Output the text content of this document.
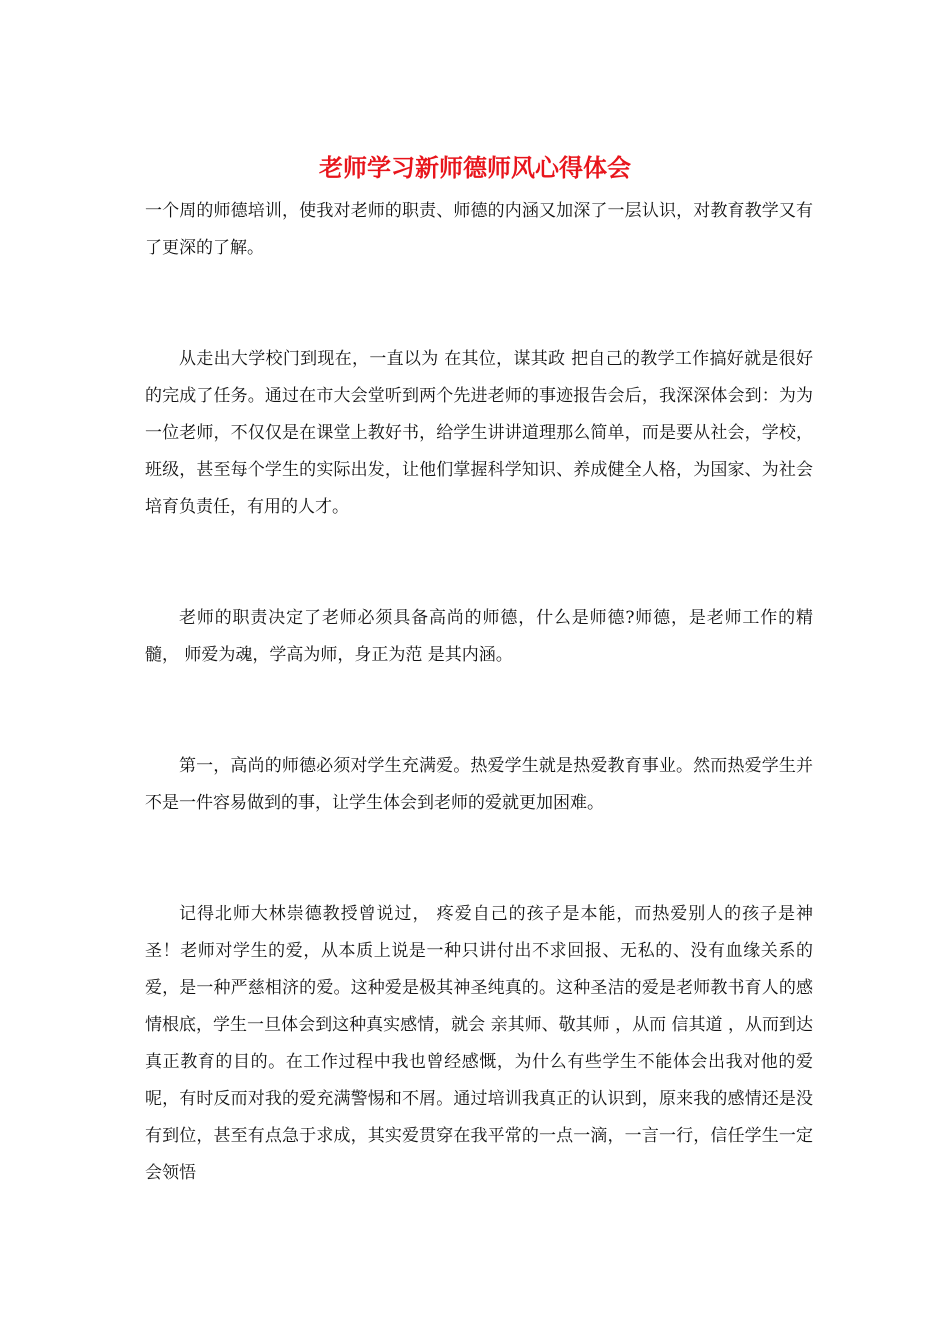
老师学习新师德师风心得体会

一个周的师德培训，使我对老师的职责、师德的内涵又加深了一层认识，对教育教学又有了更深的了解。

从走出大学校门到现在，一直以为 在其位，谋其政 把自己的教学工作搞好就是很好的完成了任务。通过在市大会堂听到两个先进老师的事迹报告会后，我深深体会到：为为一位老师，不仅仅是在课堂上教好书，给学生讲讲道理那么简单，而是要从社会，学校，班级，甚至每个学生的实际出发，让他们掌握科学知识、养成健全人格，为国家、为社会培育负责任，有用的人才。

老师的职责决定了老师必须具备高尚的师德，什么是师德?师德，是老师工作的精髓， 师爱为魂，学高为师，身正为范 是其内涵。

第一，高尚的师德必须对学生充满爱。热爱学生就是热爱教育事业。然而热爱学生并不是一件容易做到的事，让学生体会到老师的爱就更加困难。

记得北师大林崇德教授曾说过， 疼爱自己的孩子是本能，而热爱别人的孩子是神圣！老师对学生的爱，从本质上说是一种只讲付出不求回报、无私的、没有血缘关系的爱，是一种严慈相济的爱。这种爱是极其神圣纯真的。这种圣洁的爱是老师教书育人的感情根底，学生一旦体会到这种真实感情，就会 亲其师、敬其师 ，从而 信其道 ，从而到达真正教育的目的。在工作过程中我也曾经感慨，为什么有些学生不能体会出我对他的爱呢，有时反而对我的爱充满警惕和不屑。通过培训我真正的认识到，原来我的感情还是没有到位，甚至有点急于求成，其实爱贯穿在我平常的一点一滴，一言一行，信任学生一定会领悟
